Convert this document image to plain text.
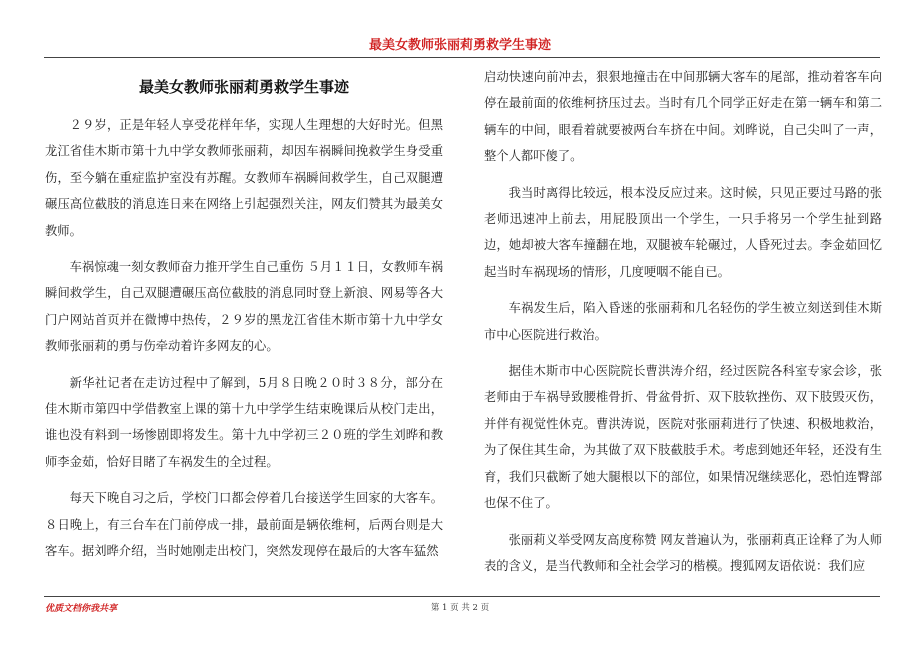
最美女教师张丽莉勇救学生事迹
最美女教师张丽莉勇救学生事迹

２９岁，正是年轻人享受花样年华，实现人生理想的大好时光。但黑龙江省佳木斯市第十九中学女教师张丽莉，却因车祸瞬间挽救学生身受重伤，至今躺在重症监护室没有苏醒。女教师车祸瞬间救学生，自己双腿遭碾压高位截肢的消息连日来在网络上引起强烈关注，网友们赞其为最美女教师。

车祸惊魂一刻女教师奋力推开学生自己重伤 ５月１１日，女教师车祸瞬间救学生，自己双腿遭碾压高位截肢的消息同时登上新浪、网易等各大门户网站首页并在微博中热传，２９岁的黑龙江省佳木斯市第十九中学女教师张丽莉的勇与伤牵动着许多网友的心。

新华社记者在走访过程中了解到，5月８日晚２０时３８分，部分在佳木斯市第四中学借教室上课的第十九中学学生结束晚课后从校门走出，谁也没有料到一场惨剧即将发生。第十九中学初三２０班的学生刘晔和教师李金茹，恰好目睹了车祸发生的全过程。

每天下晚自习之后，学校门口都会停着几台接送学生回家的大客车。８日晚上，有三台车在门前停成一排，最前面是辆依维柯，后两台则是大客车。据刘晔介绍，当时她刚走出校门，突然发现停在最后的大客车猛然

启动快速向前冲去，狠狠地撞击在中间那辆大客车的尾部，推动着客车向停在最前面的依维柯挤压过去。当时有几个同学正好走在第一辆车和第二辆车的中间，眼看着就要被两台车挤在中间。刘晔说，自己尖叫了一声，整个人都吓傻了。

我当时离得比较远，根本没反应过来。这时候，只见正要过马路的张老师迅速冲上前去，用屁股顶出一个学生，一只手将另一个学生扯到路边，她却被大客车撞翻在地，双腿被车轮碾过，人昏死过去。李金茹回忆起当时车祸现场的情形，几度哽咽不能自已。

车祸发生后，陷入昏迷的张丽莉和几名轻伤的学生被立刻送到佳木斯市中心医院进行救治。

据佳木斯市中心医院院长曹洪涛介绍，经过医院各科室专家会诊，张老师由于车祸导致腰椎骨折、骨盆骨折、双下肢软挫伤、双下肢毁灭伤，并伴有视觉性休克。曹洪涛说，医院对张丽莉进行了快速、积极地救治，为了保住其生命，为其做了双下肢截肢手术。考虑到她还年轻，还没有生育，我们只截断了她大腿根以下的部位，如果情况继续恶化，恐怕连臀部也保不住了。

张丽莉义举受网友高度称赞 网友普遍认为，张丽莉真正诠释了为人师表的含义，是当代教师和全社会学习的楷模。搜狐网友语依说：我们应

优质文档你我共享	第 1 页 共 2 页
